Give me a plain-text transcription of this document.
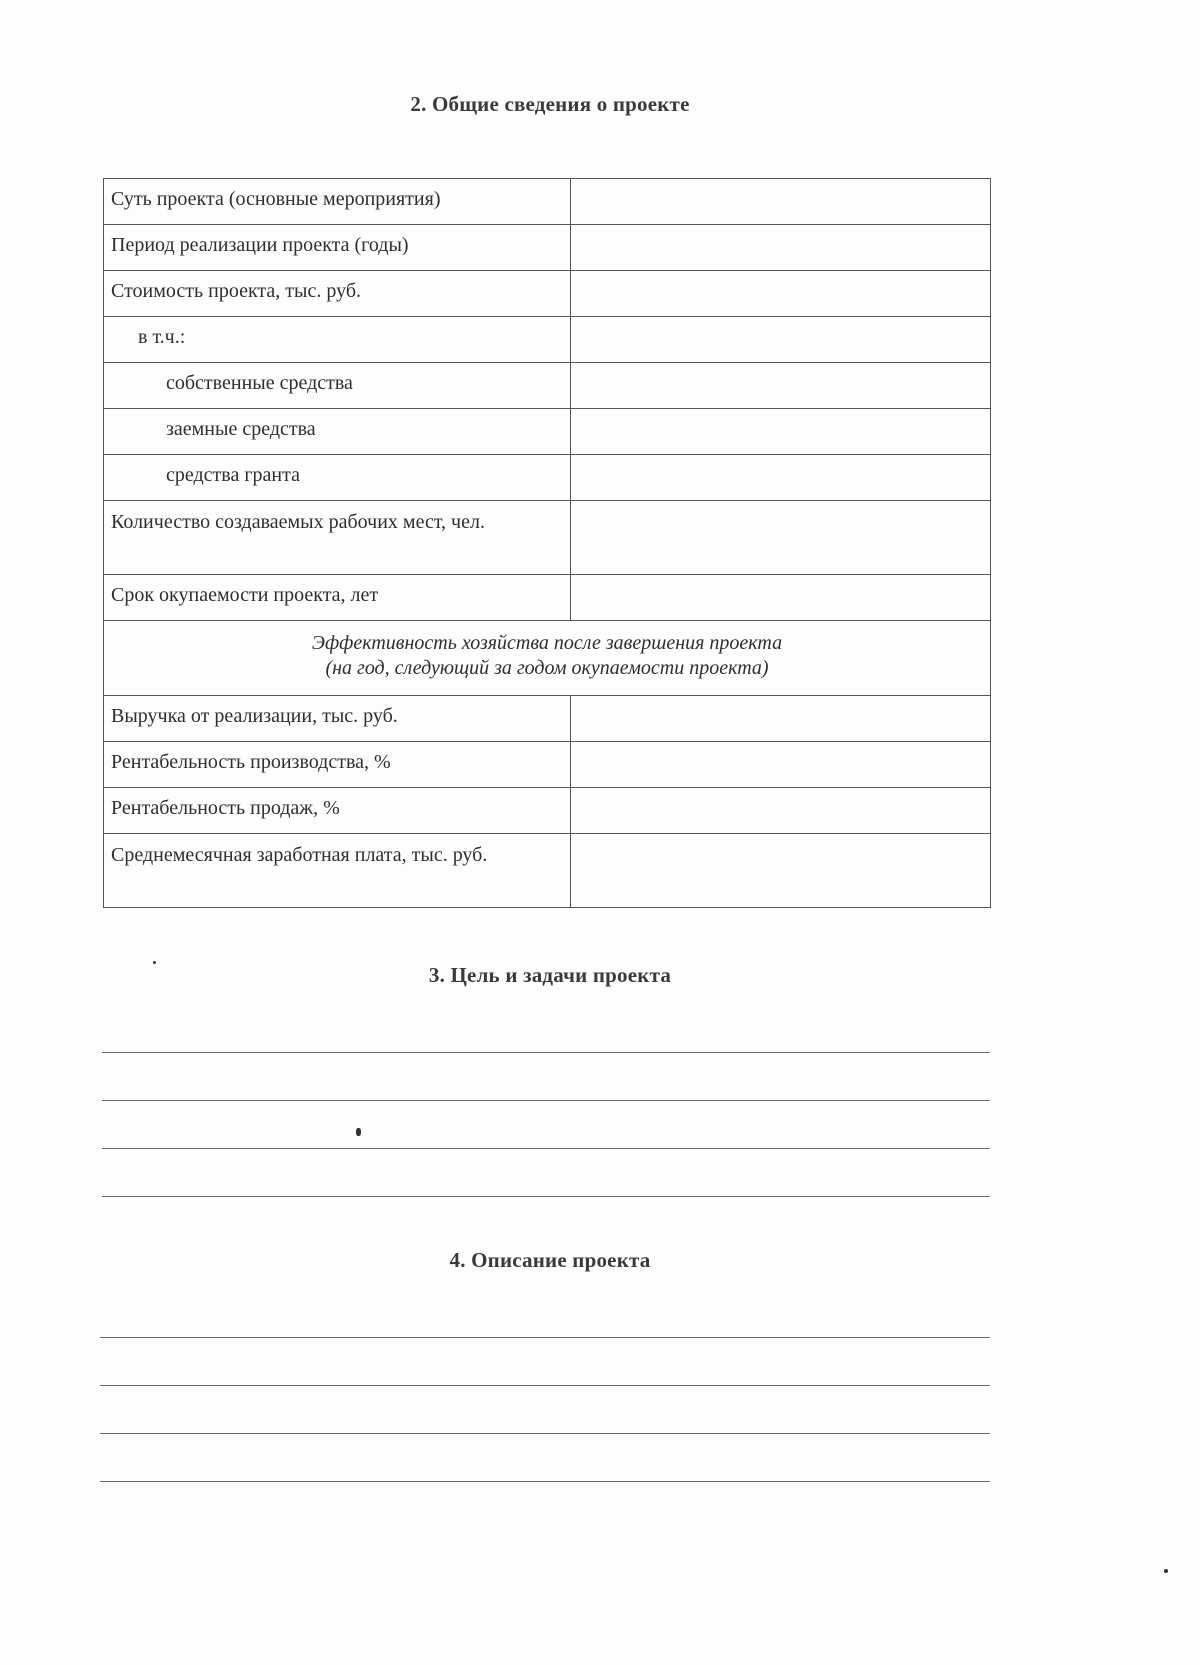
2. Общие сведения о проекте
Суть проекта (основные мероприятия)	
Период реализации проекта (годы)	
Стоимость проекта, тыс. руб.	
в т.ч.:	
собственные средства	
заемные средства	
средства гранта	
Количество создаваемых рабочих мест, чел.	
Срок окупаемости проекта, лет	

Эффективность хозяйства после завершения проекта
(на год, следующий за годом окупаемости проекта)	

Выручка от реализации, тыс. руб.	
Рентабельность производства, %	
Рентабельность продаж, %	
Среднемесячная заработная плата, тыс. руб.	
3. Цель и задачи проекта
4. Описание проекта
